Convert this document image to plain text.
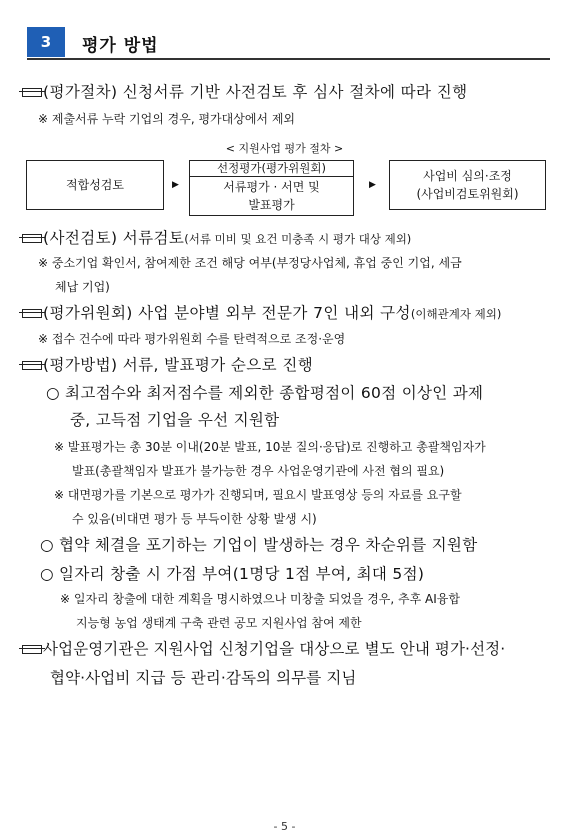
3 평가 방법
(평가절차) 신청서류 기반 사전검토 후 심사 절차에 따라 진행
※ 제출서류 누락 기업의 경우, 평가대상에서 제외
< 지원사업 평가 절차 >
적합성검토	▶
선정평가(평가위원회)
서류평가 · 서면 및
발표평가
▶
사업비 심의·조정
(사업비검토위원회)
(사전검토) 서류검토(서류 미비 및 요건 미충족 시 평가 대상 제외)
※ 중소기업 확인서, 참여제한 조건 해당 여부(부정당사업체, 휴업 중인 기업, 세금
체납 기업)
(평가위원회) 사업 분야별 외부 전문가 7인 내외 구성(이해관계자 제외)
※ 접수 건수에 따라 평가위원회 수를 탄력적으로 조정·운영
(평가방법) 서류, 발표평가 순으로 진행
○ 최고점수와 최저점수를 제외한 종합평점이 60점 이상인 과제
중, 고득점 기업을 우선 지원함
※ 발표평가는 총 30분 이내(20분 발표, 10분 질의·응답)로 진행하고 총괄책임자가
발표(총괄책임자 발표가 불가능한 경우 사업운영기관에 사전 협의 필요)
※ 대면평가를 기본으로 평가가 진행되며, 필요시 발표영상 등의 자료를 요구할
수 있음(비대면 평가 등 부득이한 상황 발생 시)
○ 협약 체결을 포기하는 기업이 발생하는 경우 차순위를 지원함
○ 일자리 창출 시 가점 부여(1명당 1점 부여, 최대 5점)
※ 일자리 창출에 대한 계획을 명시하였으나 미창출 되었을 경우, 추후 AI융합
지능형 농업 생태계 구축 관련 공모 지원사업 참여 제한
사업운영기관은 지원사업 신청기업을 대상으로 별도 안내 평가·선정·
협약·사업비 지급 등 관리·감독의 의무를 지님
- 5 -
